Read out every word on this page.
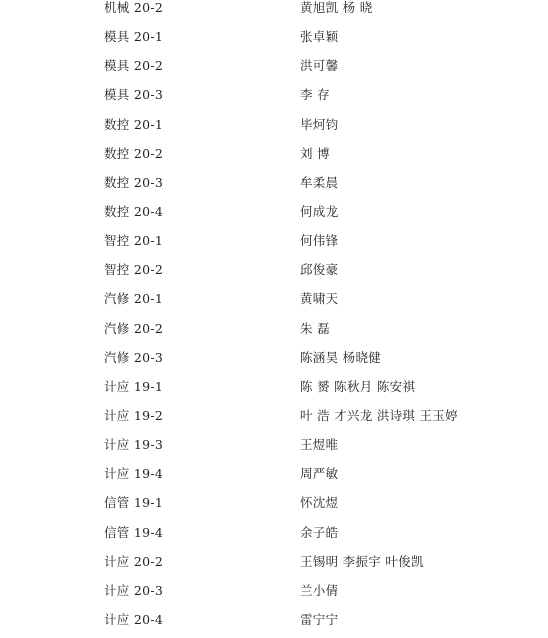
机械 20-2	黄旭凯 杨 晓
模具 20-1	张卓颖
模具 20-2	洪可馨
模具 20-3	李 存
数控 20-1	毕炣钧
数控 20-2	刘 博
数控 20-3	牟柔晨
数控 20-4	何成龙
智控 20-1	何伟锋
智控 20-2	邱俊豪
汽修 20-1	黄啸天
汽修 20-2	朱 磊
汽修 20-3	陈涵昊 杨晓健
计应 19-1	陈 赟 陈秋月 陈安祺
计应 19-2	叶 浩 才兴龙 洪诗琪 王玉婷
计应 19-3	王煜唯
计应 19-4	周严敏
信管 19-1	怀沈煜
信管 19-4	余子皓
计应 20-2	王锡明 李振宇 叶俊凯
计应 20-3	兰小倩
计应 20-4	雷宁宁
